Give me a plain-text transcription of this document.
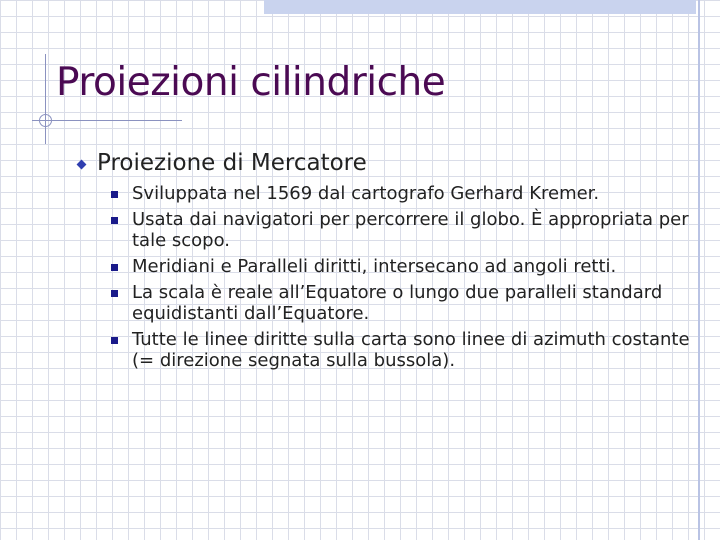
Proiezioni cilindriche
Proiezione di Mercatore
Sviluppata nel 1569 dal cartografo Gerhard Kremer.
Usata dai navigatori per percorrere il globo. È appropriata per tale scopo.
Meridiani e Paralleli diritti, intersecano ad angoli retti.
La scala è reale all’Equatore o lungo due paralleli standard equidistanti dall’Equatore.
Tutte le linee diritte sulla carta sono linee di azimuth costante (= direzione segnata sulla bussola).
